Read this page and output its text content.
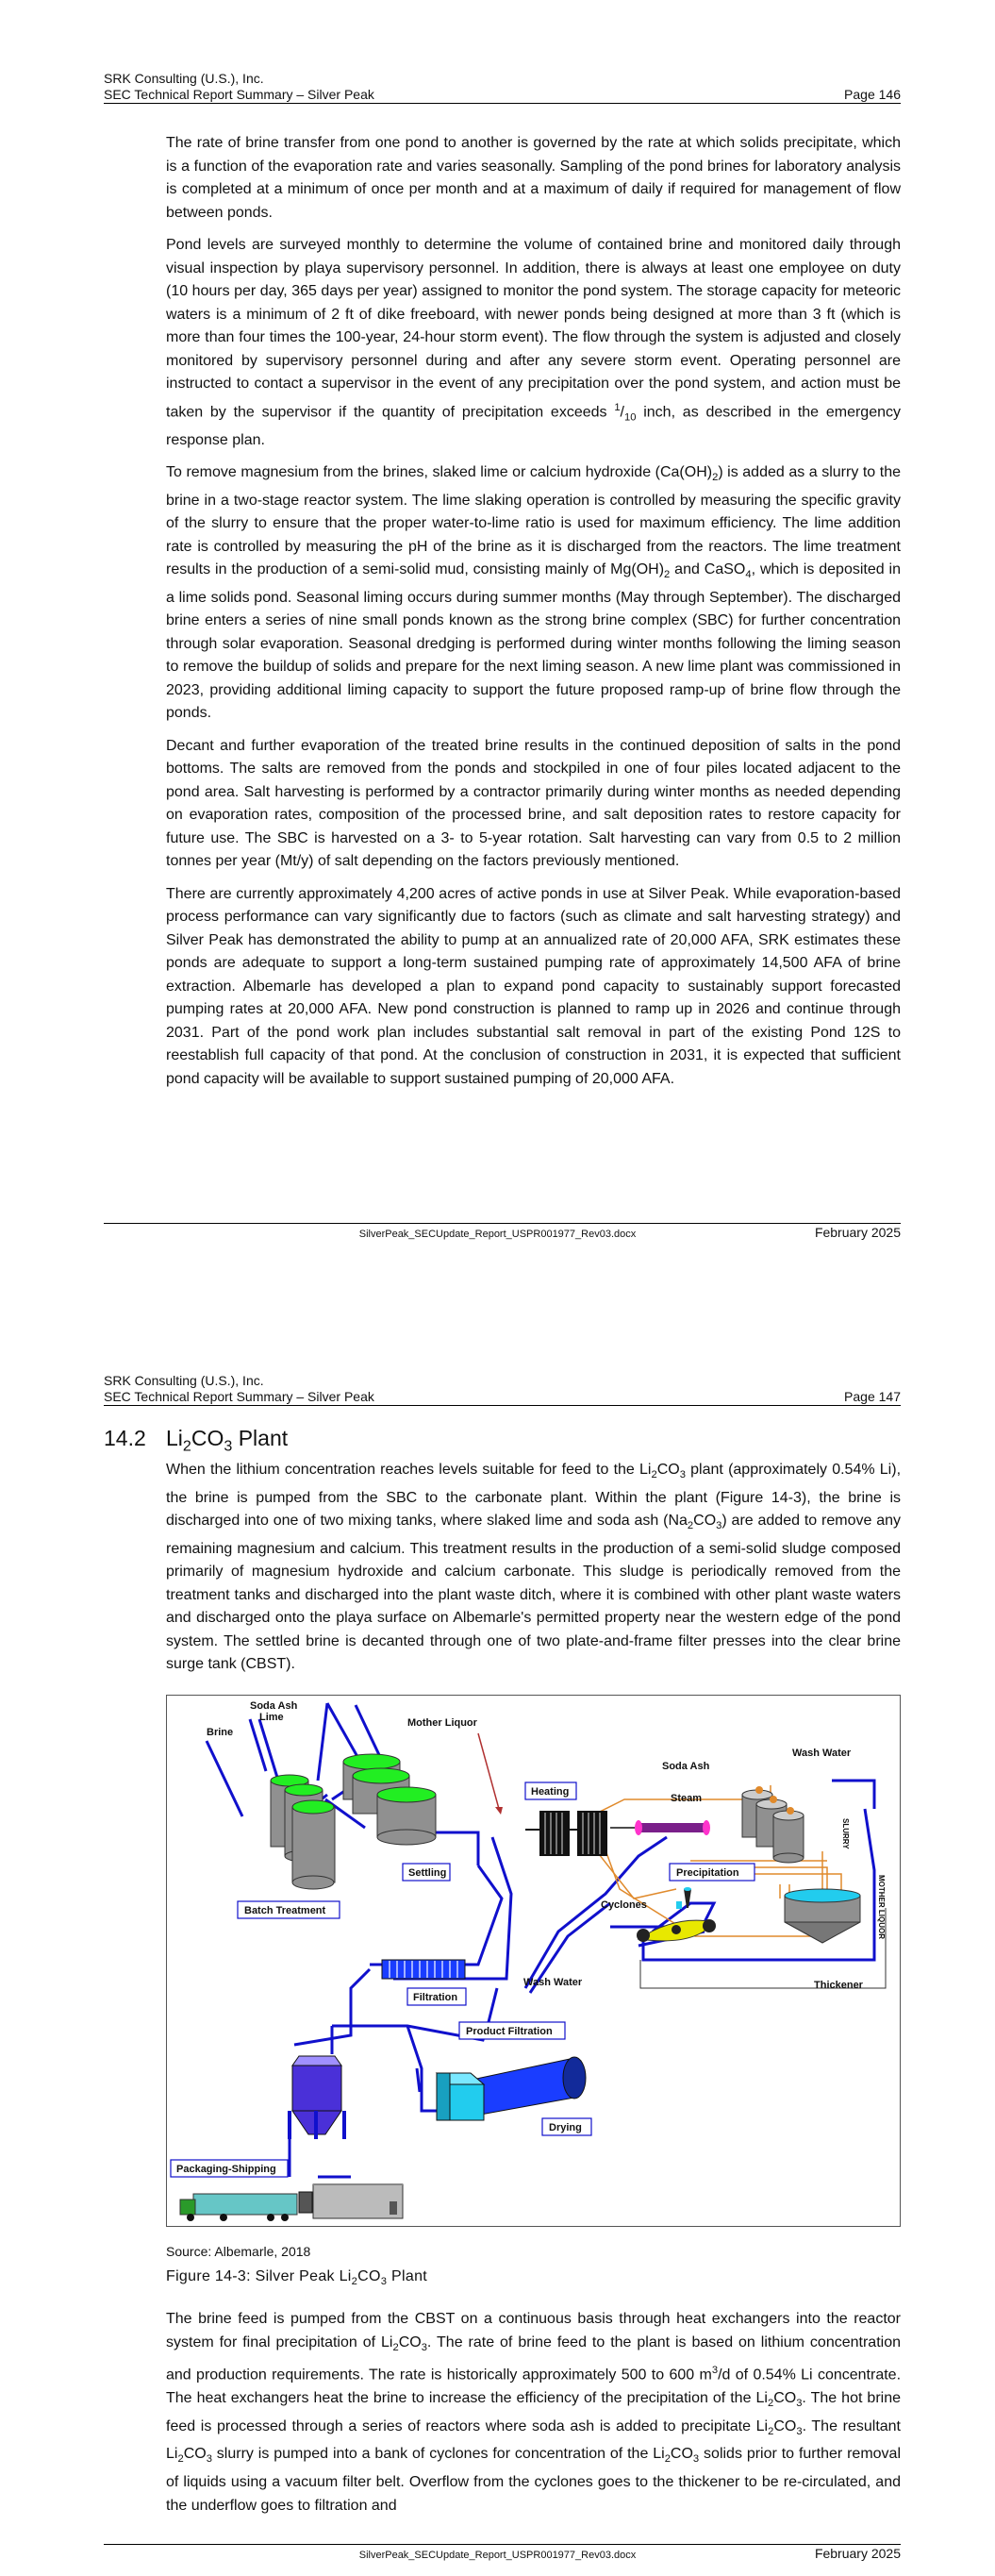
SRK Consulting (U.S.), Inc.
SEC Technical Report Summary – Silver Peak	Page 146

The rate of brine transfer from one pond to another is governed by the rate at which solids precipitate, which is a function of the evaporation rate and varies seasonally. Sampling of the pond brines for laboratory analysis is completed at a minimum of once per month and at a maximum of daily if required for management of flow between ponds.

Pond levels are surveyed monthly to determine the volume of contained brine and monitored daily through visual inspection by playa supervisory personnel. In addition, there is always at least one employee on duty (10 hours per day, 365 days per year) assigned to monitor the pond system. The storage capacity for meteoric waters is a minimum of 2 ft of dike freeboard, with newer ponds being designed at more than 3 ft (which is more than four times the 100-year, 24-hour storm event). The flow through the system is adjusted and closely monitored by supervisory personnel during and after any severe storm event. Operating personnel are instructed to contact a supervisor in the event of any precipitation over the pond system, and action must be taken by the supervisor if the quantity of precipitation exceeds $^1/_{10}$ inch, as described in the emergency response plan.

To remove magnesium from the brines, slaked lime or calcium hydroxide $(Ca(OH)_2)$ is added as a slurry to the brine in a two-stage reactor system. The lime slaking operation is controlled by measuring the specific gravity of the slurry to ensure that the proper water-to-lime ratio is used for maximum efficiency. The lime addition rate is controlled by measuring the pH of the brine as it is discharged from the reactors. The lime treatment results in the production of a semi-solid mud, consisting mainly of $Mg(OH)_2$ and CaSO$_4$, which is deposited in a lime solids pond. Seasonal liming occurs during summer months (May through September). The discharged brine enters a series of nine small ponds known as the strong brine complex (SBC) for further concentration through solar evaporation. Seasonal dredging is performed during winter months following the liming season to remove the buildup of solids and prepare for the next liming season. A new lime plant was commissioned in 2023, providing additional liming capacity to support the future proposed ramp-up of brine flow through the ponds.

Decant and further evaporation of the treated brine results in the continued deposition of salts in the pond bottoms. The salts are removed from the ponds and stockpiled in one of four piles located adjacent to the pond area. Salt harvesting is performed by a contractor primarily during winter months as needed depending on evaporation rates, composition of the processed brine, and salt deposition rates to restore capacity for future use. The SBC is harvested on a 3- to 5-year rotation. Salt harvesting can vary from 0.5 to 2 million tonnes per year (Mt/y) of salt depending on the factors previously mentioned.

There are currently approximately 4,200 acres of active ponds in use at Silver Peak. While evaporation-based process performance can vary significantly due to factors (such as climate and salt harvesting strategy) and Silver Peak has demonstrated the ability to pump at an annualized rate of 20,000 AFA, SRK estimates these ponds are adequate to support a long-term sustained pumping rate of approximately 14,500 AFA of brine extraction. Albemarle has developed a plan to expand pond capacity to sustainably support forecasted pumping rates at 20,000 AFA. New pond construction is planned to ramp up in 2026 and continue through 2031. Part of the pond work plan includes substantial salt removal in part of the existing Pond 12S to reestablish full capacity of that pond. At the conclusion of construction in 2031, it is expected that sufficient pond capacity will be available to support sustained pumping of 20,000 AFA.

SilverPeak_SECUpdate_Report_USPR001977_Rev03.docx	February 2025
SRK Consulting (U.S.), Inc.
SEC Technical Report Summary – Silver Peak	Page 147
14.2 $Li_2CO_3$ Plant

When the lithium concentration reaches levels suitable for feed to the $Li_2CO_3$ plant (approximately 0.54% Li), the brine is pumped from the SBC to the carbonate plant. Within the plant (Figure 14-3), the brine is discharged into one of two mixing tanks, where slaked lime and soda ash $(Na_2CO_3)$ are added to remove any remaining magnesium and calcium. This treatment results in the production of a semi-solid sludge composed primarily of magnesium hydroxide and calcium carbonate. This sludge is periodically removed from the treatment tanks and discharged into the plant waste ditch, where it is combined with other plant waste waters and discharged onto the playa surface on Albemarle's permitted property near the western edge of the pond system. The settled brine is decanted through one of two plate-and-frame filter presses into the clear brine surge tank (CBST).

Brine
Soda Ash
Lime	Mother Liquor
Heating
Soda Ash
Steam
Wash Water
Settling	Precipitation
SLURRY
MOTHER LIQUOR
Batch Treatment	Cyclones
Filtration
Wash Water	Thickener
Product Filtration
Drying
Packaging-Shipping
Source: Albemarle, 2018
Figure 14-3: Silver Peak $Li_2CO_3$ Plant

The brine feed is pumped from the CBST on a continuous basis through heat exchangers into the reactor system for final precipitation of $Li_2CO_3$. The rate of brine feed to the plant is based on lithium concentration and production requirements. The rate is historically approximately 500 to 600 $m^3/d$ of 0.54% Li concentrate. The heat exchangers heat the brine to increase the efficiency of the precipitation of the $Li_2CO_3$. The hot brine feed is processed through a series of reactors where soda ash is added to precipitate $Li_2CO_3$. The resultant $Li_2CO_3$ slurry is pumped into a bank of cyclones for concentration of the $Li_2CO_3$ solids prior to further removal of liquids using a vacuum filter belt. Overflow from the cyclones goes to the thickener to be re-circulated, and the underflow goes to filtration and

SilverPeak_SECUpdate_Report_USPR001977_Rev03.docx	February 2025
